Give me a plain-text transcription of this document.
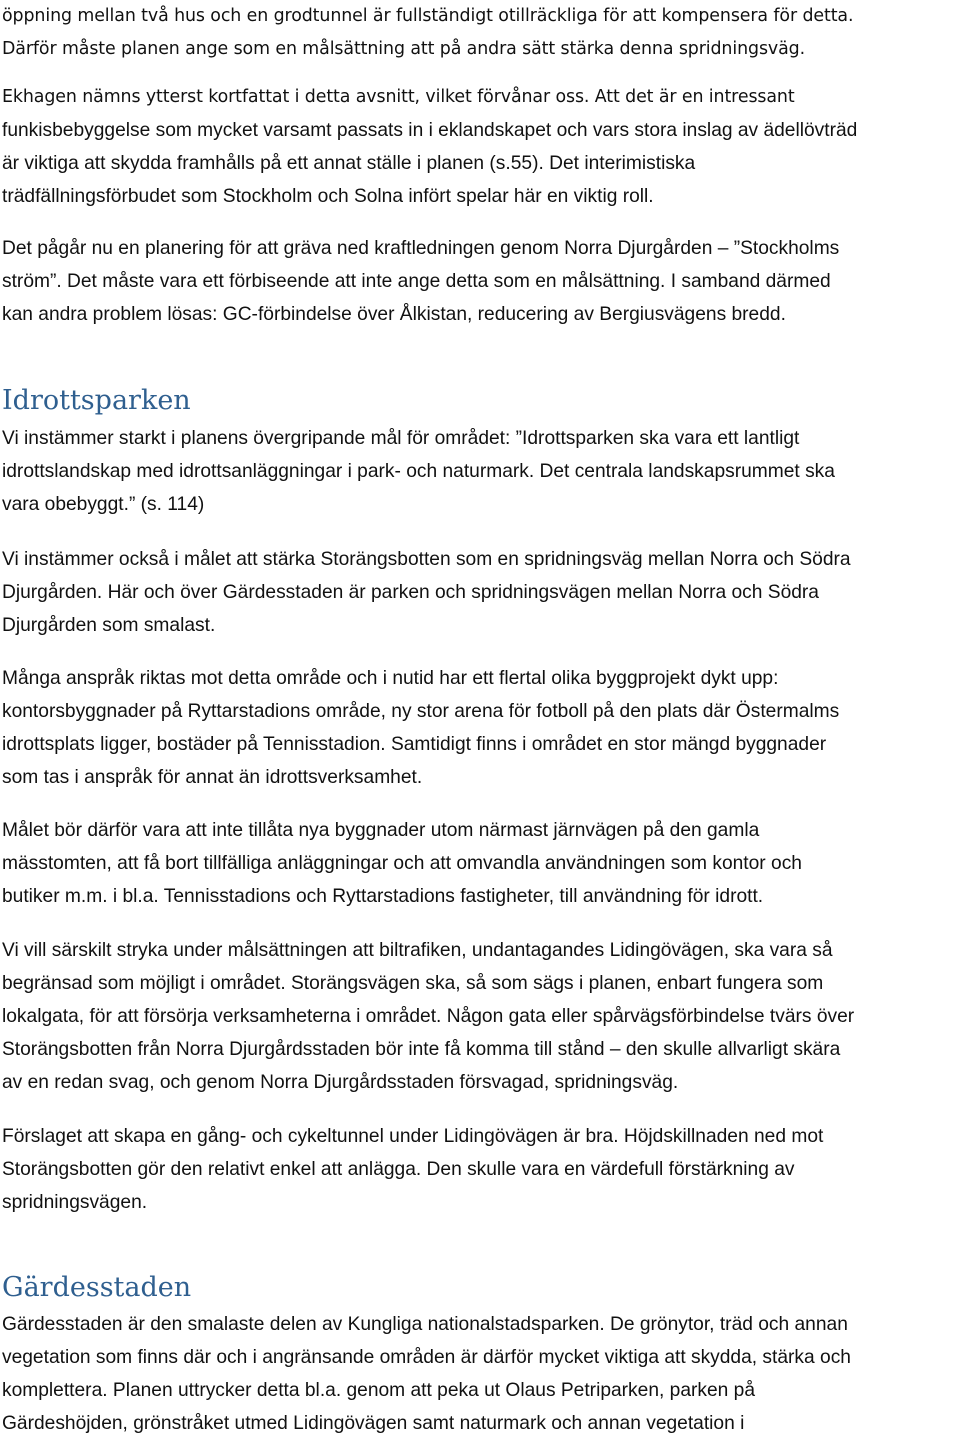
öppning mellan två hus och en grodtunnel är fullständigt otillräckliga för att kompensera för detta.
Därför måste planen ange som en målsättning att på andra sätt stärka denna spridningsväg.
Ekhagen nämns ytterst kortfattat i detta avsnitt, vilket förvånar oss. Att det är en intressant
funkisbebyggelse som mycket varsamt passats in i eklandskapet och vars stora inslag av ädellövträd
är viktiga att skydda framhålls på ett annat ställe i planen (s.55). Det interimistiska
trädfällningsförbudet som Stockholm och Solna infört spelar här en viktig roll.
Det pågår nu en planering för att gräva ned kraftledningen genom Norra Djurgården – ”Stockholms
ström”. Det måste vara ett förbiseende att inte ange detta som en målsättning. I samband därmed
kan andra problem lösas: GC-förbindelse över Ålkistan, reducering av Bergiusvägens bredd.
Idrottsparken
Vi instämmer starkt i planens övergripande mål för området: ”Idrottsparken ska vara ett lantligt
idrottslandskap med idrottsanläggningar i park- och naturmark. Det centrala landskapsrummet ska
vara obebyggt.” (s. 114)
Vi instämmer också i målet att stärka Storängsbotten som en spridningsväg mellan Norra och Södra
Djurgården. Här och över Gärdesstaden är parken och spridningsvägen mellan Norra och Södra
Djurgården som smalast.
Många anspråk riktas mot detta område och i nutid har ett flertal olika byggprojekt dykt upp:
kontorsbyggnader på Ryttarstadions område, ny stor arena för fotboll på den plats där Östermalms
idrottsplats ligger, bostäder på Tennisstadion. Samtidigt finns i området en stor mängd byggnader
som tas i anspråk för annat än idrottsverksamhet.
Målet bör därför vara att inte tillåta nya byggnader utom närmast järnvägen på den gamla
mässtomten, att få bort tillfälliga anläggningar och att omvandla användningen som kontor och
butiker m.m. i bl.a. Tennisstadions och Ryttarstadions fastigheter, till användning för idrott.
Vi vill särskilt stryka under målsättningen att biltrafiken, undantagandes Lidingövägen, ska vara så
begränsad som möjligt i området. Storängsvägen ska, så som sägs i planen, enbart fungera som
lokalgata, för att försörja verksamheterna i området. Någon gata eller spårvägsförbindelse tvärs över
Storängsbotten från Norra Djurgårdsstaden bör inte få komma till stånd – den skulle allvarligt skära
av en redan svag, och genom Norra Djurgårdsstaden försvagad, spridningsväg.
Förslaget att skapa en gång- och cykeltunnel under Lidingövägen är bra. Höjdskillnaden ned mot
Storängsbotten gör den relativt enkel att anlägga. Den skulle vara en värdefull förstärkning av
spridningsvägen.
Gärdesstaden
Gärdesstaden är den smalaste delen av Kungliga nationalstadsparken. De grönytor, träd och annan
vegetation som finns där och i angränsande områden är därför mycket viktiga att skydda, stärka och
komplettera. Planen uttrycker detta bl.a. genom att peka ut Olaus Petriparken, parken på
Gärdeshöjden, grönstråket utmed Lidingövägen samt naturmark och annan vegetation i
